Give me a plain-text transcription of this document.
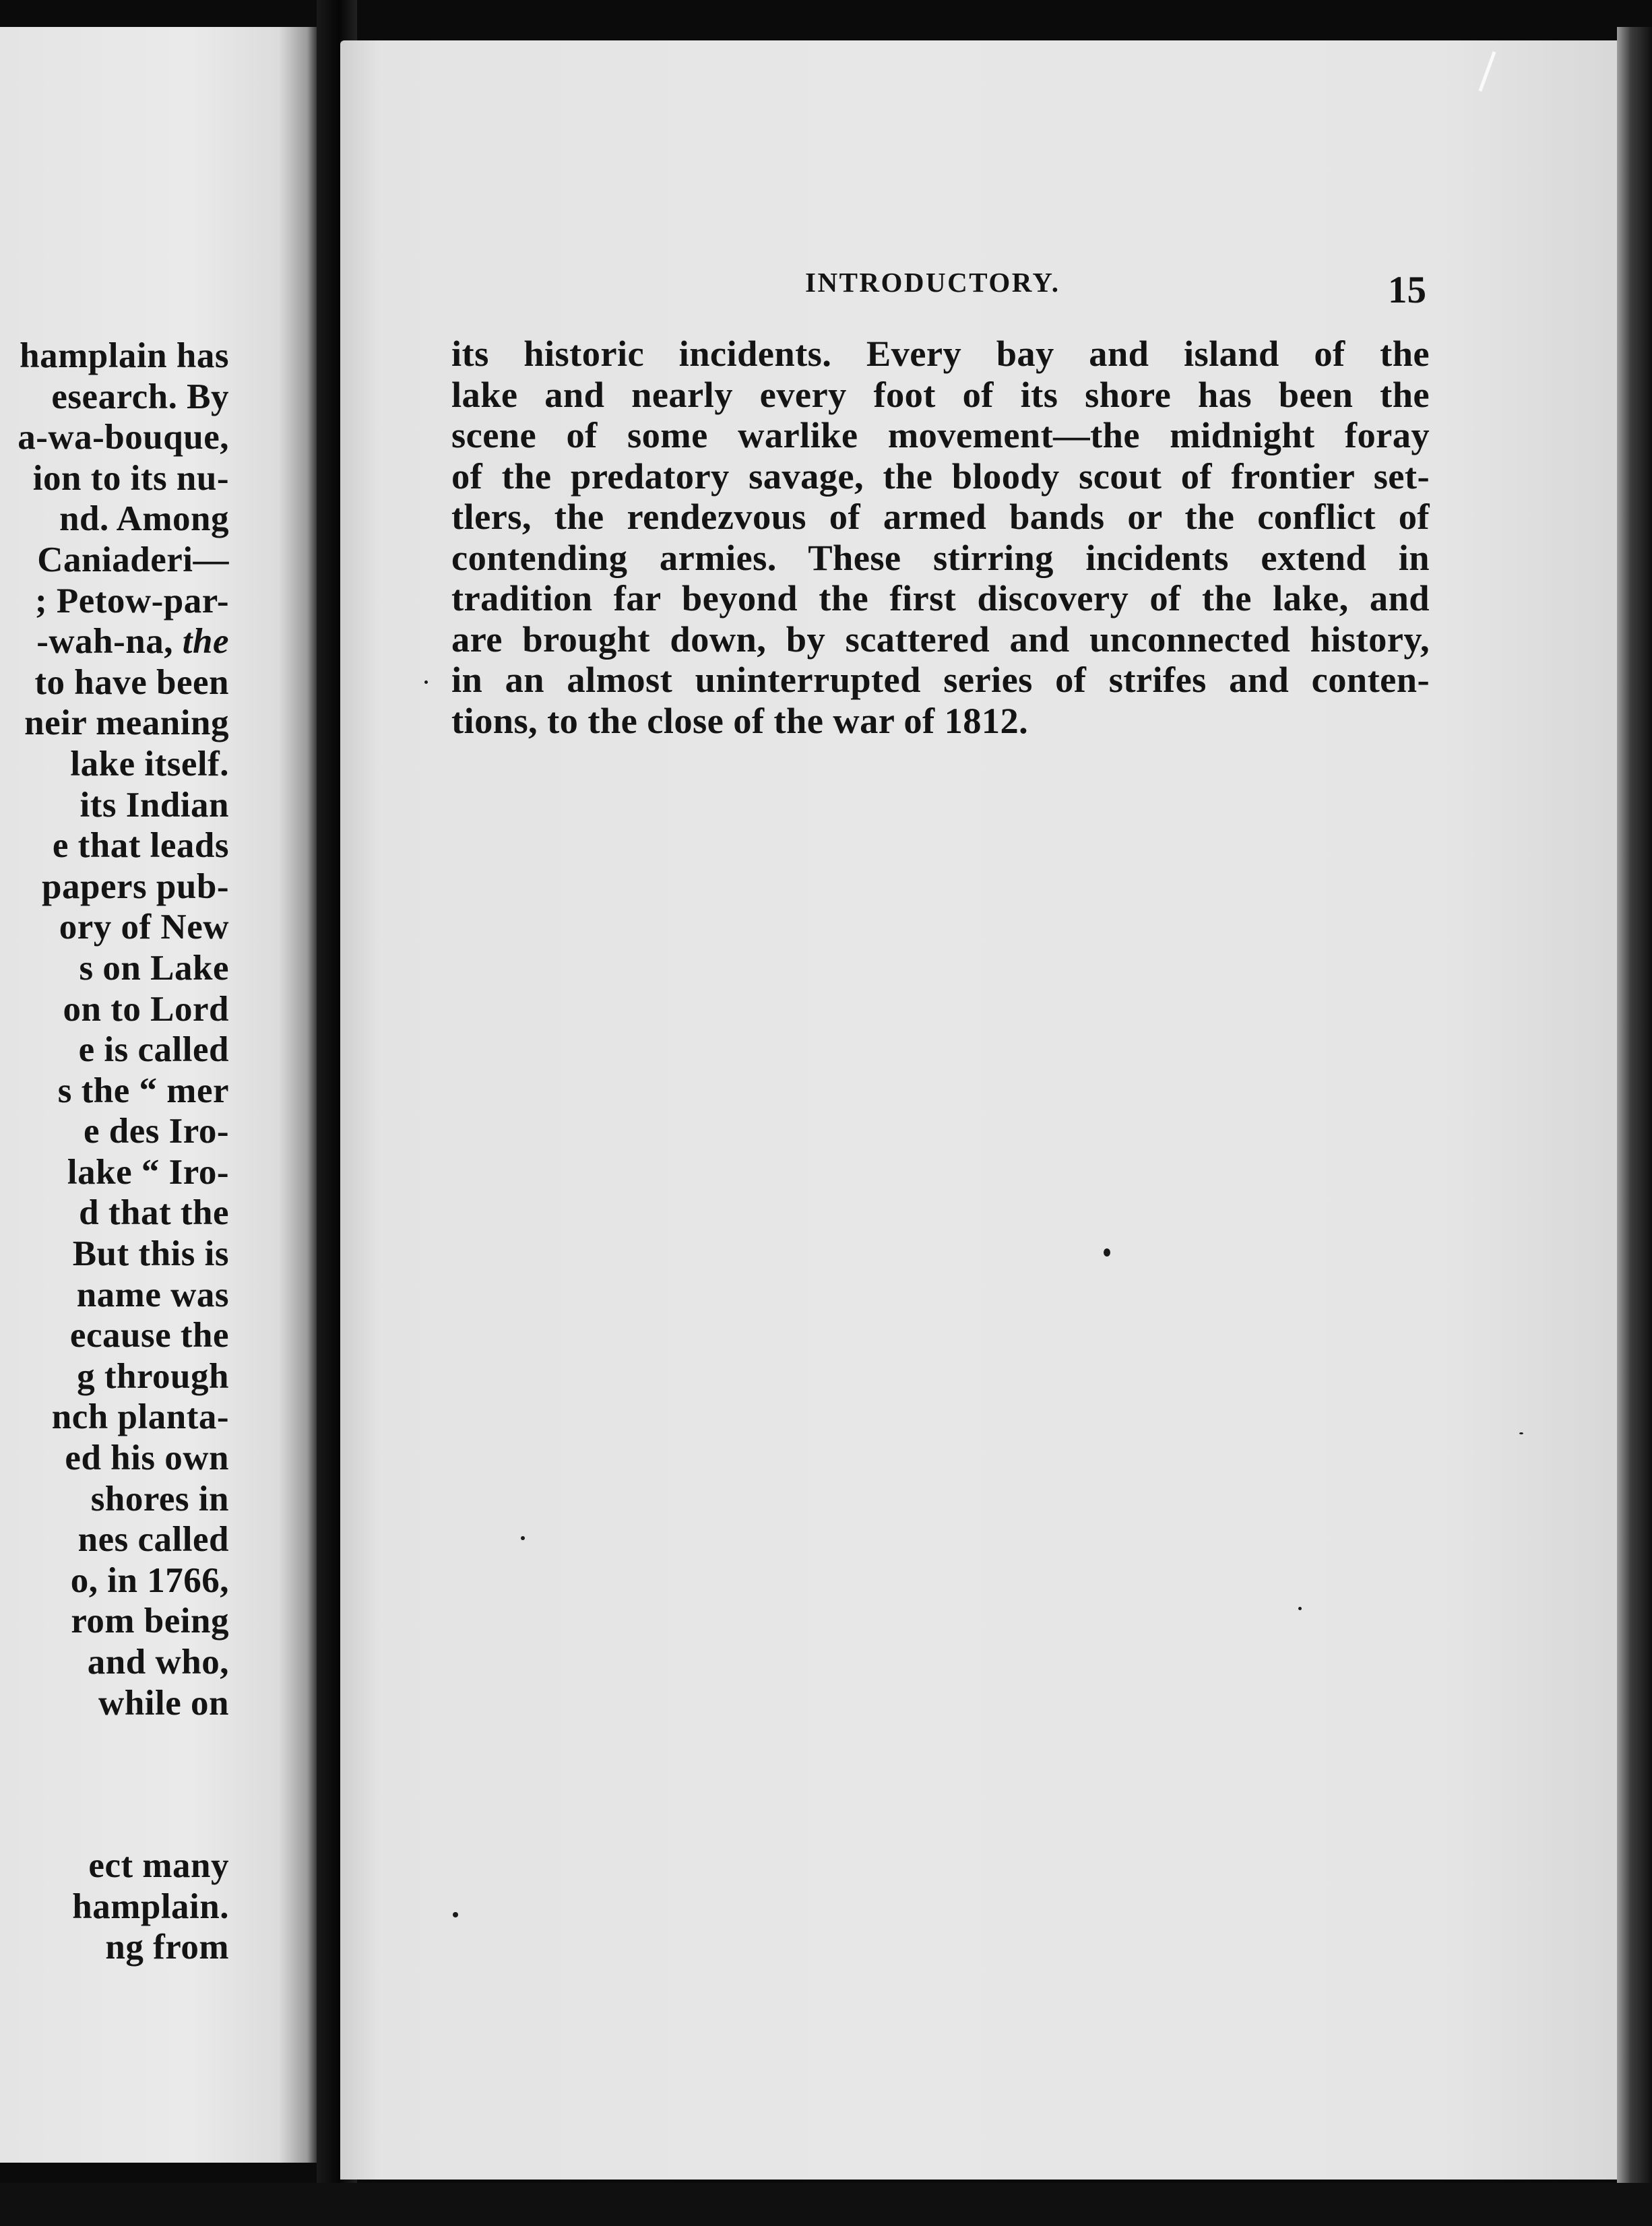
hamplain has
esearch. By
a-wa-bouque,
ion to its nu-
nd. Among
Caniaderi—
; Petow-par-
-wah-na, the
to have been
neir meaning
lake itself.
its Indian
e that leads
papers pub-
ory of New
s on Lake
on to Lord
e is called
s the “ mer
e des Iro-
lake “ Iro-
d that the
But this is
name was
ecause the
g through
nch planta-
ed his own
shores in
nes called
o, in 1766,
rom being
and who,
while on
ect many
hamplain.
ng from
INTRODUCTORY.	15
its historic incidents. Every bay and island of the
lake and nearly every foot of its shore has been the
scene of some warlike movement—the midnight foray
of the predatory savage, the bloody scout of frontier set-
tlers, the rendezvous of armed bands or the conflict of
contending armies. These stirring incidents extend in
tradition far beyond the first discovery of the lake, and
are brought down, by scattered and unconnected history,
in an almost uninterrupted series of strifes and conten-
tions, to the close of the war of 1812.
